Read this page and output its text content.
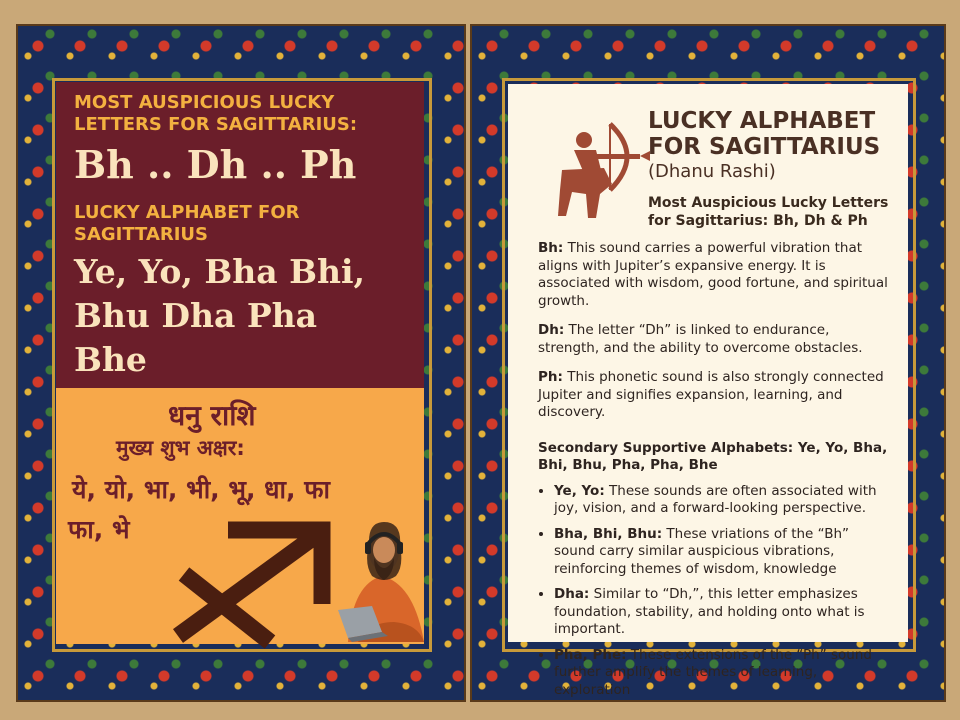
MOST AUSPICIOUS LUCKY LETTERS FOR SAGITTARIUS:
Bh .. Dh .. Ph
LUCKY ALPHABET FOR SAGITTARIUS
Ye, Yo, Bha Bhi,
Bhu Dha Pha
Bhe
धनु राशि
मुख्य शुभ अक्षर:
ये, यो, भा, भी, भू, धा, फा
फा, भे
LUCKY ALPHABET FOR SAGITTARIUS
(Dhanu Rashi)
Most Auspicious Lucky Letters for Sagittarius: Bh, Dh & Ph

Bh: This sound carries a powerful vibration that aligns with Jupiter’s expansive energy. It is associated with wisdom, good fortune, and spiritual growth.

Dh: The letter “Dh” is linked to endurance, strength, and the ability to overcome obstacles.

Ph: This phonetic sound is also strongly connected Jupiter and signifies expansion, learning, and discovery.

Secondary Supportive Alphabets: Ye, Yo, Bha, Bhi, Bhu, Pha, Pha, Bhe
• Ye, Yo: These sounds are often associated with joy, vision, and a forward-looking perspective.
• Bha, Bhi, Bhu: These vriations of the “Bh” sound carry similar auspicious vibrations, reinforcing themes of wisdom, knowledge
• Dha: Similar to “Dh,”, this letter emphasizes foundation, stability, and holding onto what is important.
• Pha, Phe: These extensions of the “Ph” sound further amplify the themes of learning, exploration
